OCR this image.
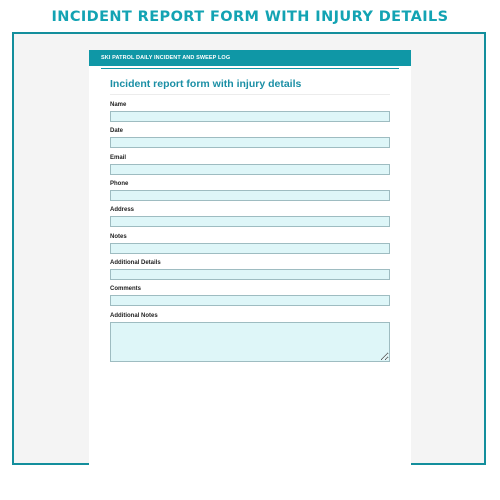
INCIDENT REPORT FORM WITH INJURY DETAILS
SKI PATROL DAILY INCIDENT AND SWEEP LOG
Incident report form with injury details
Name
Date
Email
Phone
Address
Notes
Additional Details
Comments
Additional Notes
